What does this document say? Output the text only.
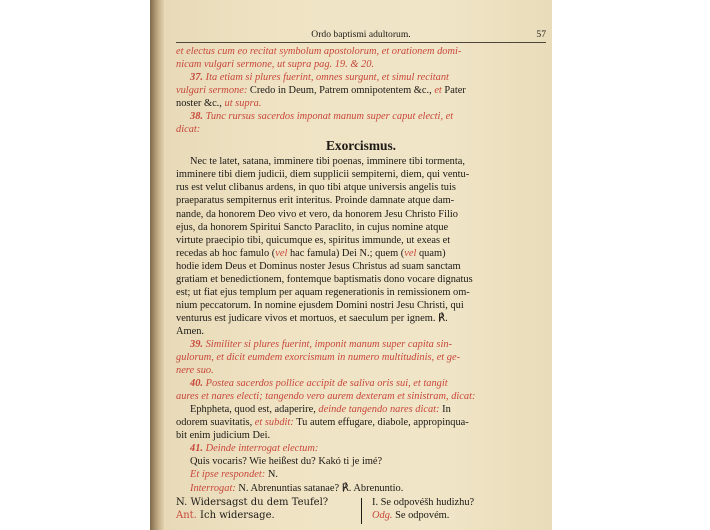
Ordo baptismi adultorum.	57

et electus cum eo recitat symbolum apostolorum, et orationem domi-

nicam vulgari sermone, ut supra pag. 19. & 20.

37. Ita etiam si plures fuerint, omnes surgunt, et simul recitant

vulgari sermone: Credo in Deum, Patrem omnipotentem &c., et Pater

noster &c., ut supra.

38. Tunc rursus sacerdos imponat manum super caput electi, et

dicat:

Exorcismus.

Nec te latet, satana, imminere tibi poenas, imminere tibi tormenta,

imminere tibi diem judicii, diem supplicii sempiterni, diem, qui ventu-

rus est velut clibanus ardens, in quo tibi atque universis angelis tuis

praeparatus sempiternus erit interitus. Proinde damnate atque dam-

nande, da honorem Deo vivo et vero, da honorem Jesu Christo Filio

ejus, da honorem Spiritui Sancto Paraclito, in cujus nomine atque

virtute praecipio tibi, quicumque es, spiritus immunde, ut exeas et

recedas ab hoc famulo (vel hac famula) Dei N.; quem (vel quam)

hodie idem Deus et Dominus noster Jesus Christus ad suam sanctam

gratiam et benedictionem, fontemque baptismatis dono vocare dignatus

est; ut fiat ejus templum per aquam regenerationis in remissionem om-

nium peccatorum. In nomine ejusdem Domini nostri Jesu Christi, qui

venturus est judicare vivos et mortuos, et saeculum per ignem. ℟.

Amen.

39. Similiter si plures fuerint, imponit manum super capita sin-

gulorum, et dicit eumdem exorcismum in numero multitudinis, et ge-

nere suo.

40. Postea sacerdos pollice accipit de saliva oris sui, et tangit

aures et nares electi; tangendo vero aurem dexteram et sinistram, dicat:

Ephpheta, quod est, adaperire, deinde tangendo nares dicat: In

odorem suavitatis, et subdit: Tu autem effugare, diabole, appropinqua-

bit enim judicium Dei.

41. Deinde interrogat electum:

Quis vocaris? Wie heißest du? Kakó ti je imé?

Et ipse respondet: N.

Interrogat: N. Abrenuntias satanae? ℟. Abrenuntio.

N. Widersagst du dem Teufel?
Ant. Ich widersage.
I. Se odpovéšh hudizhu?
Odg. Se odpovém.
